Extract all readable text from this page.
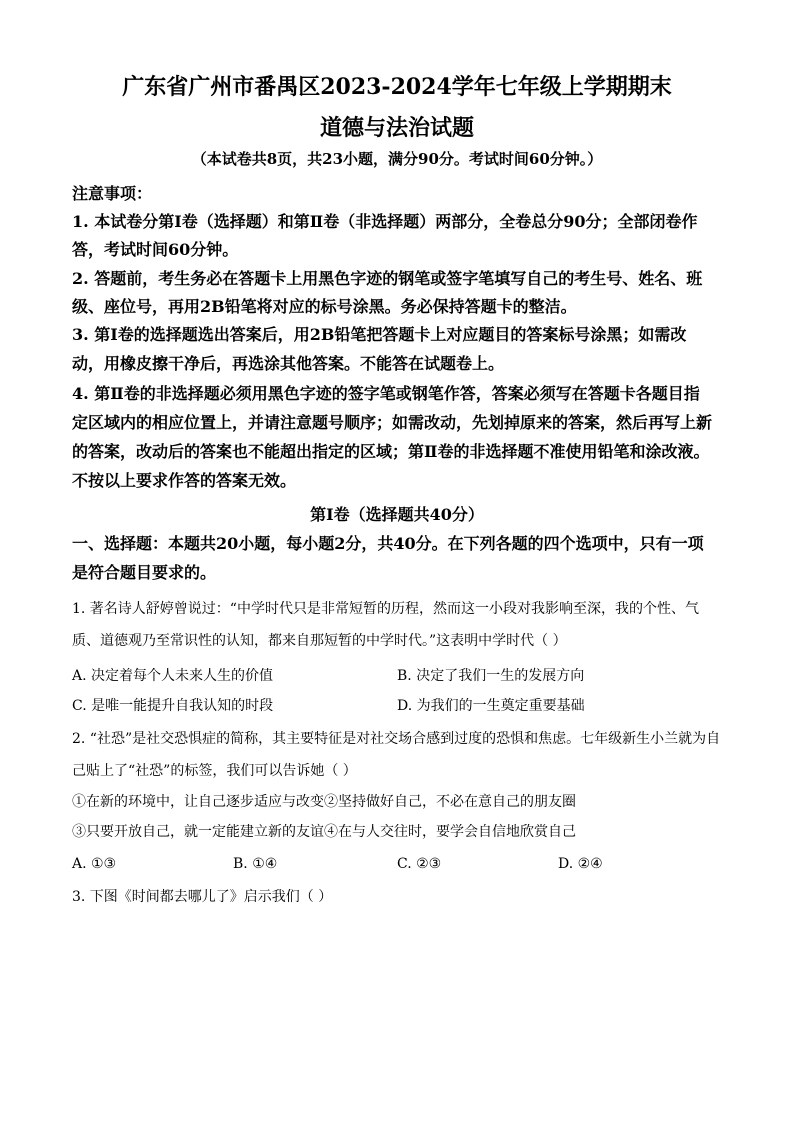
广东省广州市番禺区2023-2024学年七年级上学期期末
道德与法治试题
（本试卷共8页，共23小题，满分90分。考试时间60分钟。）
注意事项：
1. 本试卷分第Ⅰ卷（选择题）和第Ⅱ卷（非选择题）两部分，全卷总分90分；全部闭卷作
答，考试时间60分钟。
2. 答题前，考生务必在答题卡上用黑色字迹的钢笔或签字笔填写自己的考生号、姓名、班
级、座位号，再用2B铅笔将对应的标号涂黑。务必保持答题卡的整洁。
3. 第Ⅰ卷的选择题选出答案后，用2B铅笔把答题卡上对应题目的答案标号涂黑；如需改
动，用橡皮擦干净后，再选涂其他答案。不能答在试题卷上。
4. 第Ⅱ卷的非选择题必须用黑色字迹的签字笔或钢笔作答，答案必须写在答题卡各题目指
定区域内的相应位置上，并请注意题号顺序；如需改动，先划掉原来的答案，然后再写上新
的答案，改动后的答案也不能超出指定的区域；第Ⅱ卷的非选择题不准使用铅笔和涂改液。
不按以上要求作答的答案无效。
第Ⅰ卷（选择题共40分）
一、选择题：本题共20小题，每小题2分，共40分。在下列各题的四个选项中，只有一项
是符合题目要求的。
1. 著名诗人舒婷曾说过：“中学时代只是非常短暂的历程，然而这一小段对我影响至深，我的个性、气
质、道德观乃至常识性的认知，都来自那短暂的中学时代。”这表明中学时代（ ）
A. 决定着每个人未来人生的价值	B. 决定了我们一生的发展方向
C. 是唯一能提升自我认知的时段	D. 为我们的一生奠定重要基础
2. “社恐”是社交恐惧症的简称，其主要特征是对社交场合感到过度的恐惧和焦虑。七年级新生小兰就为自
己贴上了“社恐”的标签，我们可以告诉她（ ）
①在新的环境中，让自己逐步适应与改变②坚持做好自己，不必在意自己的朋友圈
③只要开放自己，就一定能建立新的友谊④在与人交往时，要学会自信地欣赏自己
A. ①③	B. ①④	C. ②③	D. ②④
3. 下图《时间都去哪儿了》启示我们（ ）
